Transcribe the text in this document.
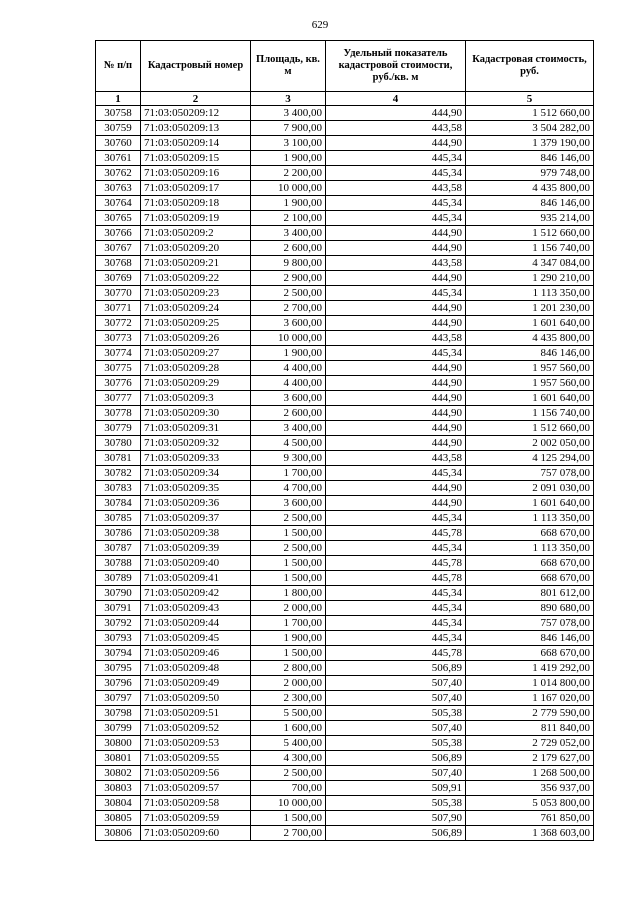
629
№ п/п	Кадастровый номер	Площадь, кв. м	Удельный показатель кадастровой стоимости, руб./кв. м	Кадастровая стоимость, руб.
1	2	3	4	5
30758	71:03:050209:12	3 400,00	444,90	1 512 660,00
30759	71:03:050209:13	7 900,00	443,58	3 504 282,00
30760	71:03:050209:14	3 100,00	444,90	1 379 190,00
30761	71:03:050209:15	1 900,00	445,34	846 146,00
30762	71:03:050209:16	2 200,00	445,34	979 748,00
30763	71:03:050209:17	10 000,00	443,58	4 435 800,00
30764	71:03:050209:18	1 900,00	445,34	846 146,00
30765	71:03:050209:19	2 100,00	445,34	935 214,00
30766	71:03:050209:2	3 400,00	444,90	1 512 660,00
30767	71:03:050209:20	2 600,00	444,90	1 156 740,00
30768	71:03:050209:21	9 800,00	443,58	4 347 084,00
30769	71:03:050209:22	2 900,00	444,90	1 290 210,00
30770	71:03:050209:23	2 500,00	445,34	1 113 350,00
30771	71:03:050209:24	2 700,00	444,90	1 201 230,00
30772	71:03:050209:25	3 600,00	444,90	1 601 640,00
30773	71:03:050209:26	10 000,00	443,58	4 435 800,00
30774	71:03:050209:27	1 900,00	445,34	846 146,00
30775	71:03:050209:28	4 400,00	444,90	1 957 560,00
30776	71:03:050209:29	4 400,00	444,90	1 957 560,00
30777	71:03:050209:3	3 600,00	444,90	1 601 640,00
30778	71:03:050209:30	2 600,00	444,90	1 156 740,00
30779	71:03:050209:31	3 400,00	444,90	1 512 660,00
30780	71:03:050209:32	4 500,00	444,90	2 002 050,00
30781	71:03:050209:33	9 300,00	443,58	4 125 294,00
30782	71:03:050209:34	1 700,00	445,34	757 078,00
30783	71:03:050209:35	4 700,00	444,90	2 091 030,00
30784	71:03:050209:36	3 600,00	444,90	1 601 640,00
30785	71:03:050209:37	2 500,00	445,34	1 113 350,00
30786	71:03:050209:38	1 500,00	445,78	668 670,00
30787	71:03:050209:39	2 500,00	445,34	1 113 350,00
30788	71:03:050209:40	1 500,00	445,78	668 670,00
30789	71:03:050209:41	1 500,00	445,78	668 670,00
30790	71:03:050209:42	1 800,00	445,34	801 612,00
30791	71:03:050209:43	2 000,00	445,34	890 680,00
30792	71:03:050209:44	1 700,00	445,34	757 078,00
30793	71:03:050209:45	1 900,00	445,34	846 146,00
30794	71:03:050209:46	1 500,00	445,78	668 670,00
30795	71:03:050209:48	2 800,00	506,89	1 419 292,00
30796	71:03:050209:49	2 000,00	507,40	1 014 800,00
30797	71:03:050209:50	2 300,00	507,40	1 167 020,00
30798	71:03:050209:51	5 500,00	505,38	2 779 590,00
30799	71:03:050209:52	1 600,00	507,40	811 840,00
30800	71:03:050209:53	5 400,00	505,38	2 729 052,00
30801	71:03:050209:55	4 300,00	506,89	2 179 627,00
30802	71:03:050209:56	2 500,00	507,40	1 268 500,00
30803	71:03:050209:57	700,00	509,91	356 937,00
30804	71:03:050209:58	10 000,00	505,38	5 053 800,00
30805	71:03:050209:59	1 500,00	507,90	761 850,00
30806	71:03:050209:60	2 700,00	506,89	1 368 603,00
